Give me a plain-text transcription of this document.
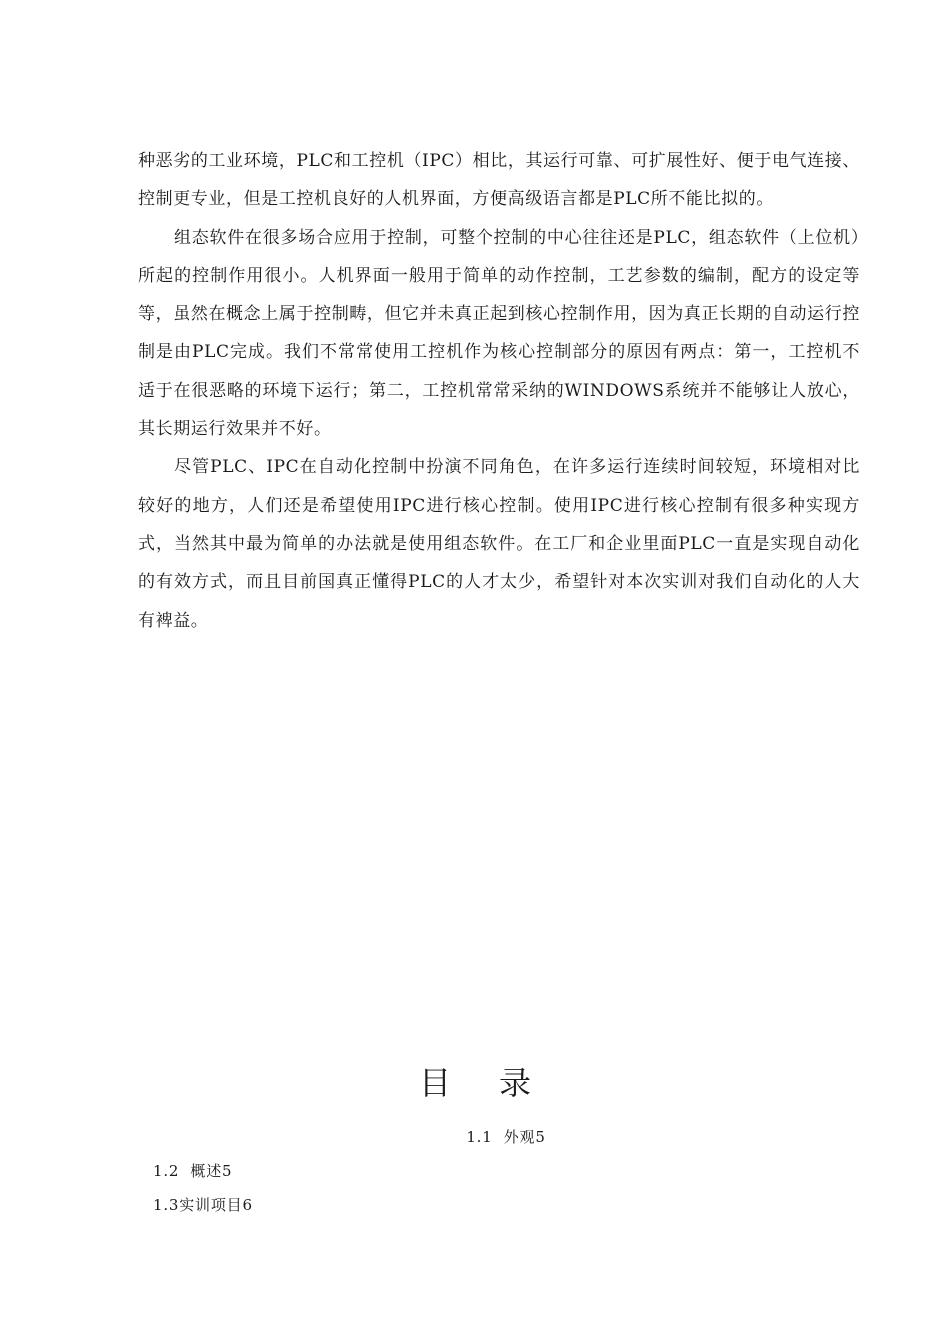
种恶劣的工业环境，PLC和工控机（IPC）相比，其运行可靠、可扩展性好、便于电气连接、控制更专业，但是工控机良好的人机界面，方便高级语言都是PLC所不能比拟的。

组态软件在很多场合应用于控制，可整个控制的中心往往还是PLC，组态软件（上位机）所起的控制作用很小。人机界面一般用于简单的动作控制，工艺参数的编制，配方的设定等等，虽然在概念上属于控制畴，但它并未真正起到核心控制作用，因为真正长期的自动运行控制是由PLC完成。我们不常常使用工控机作为核心控制部分的原因有两点：第一，工控机不适于在很恶略的环境下运行；第二，工控机常常采纳的WINDOWS系统并不能够让人放心，其长期运行效果并不好。

尽管PLC、IPC在自动化控制中扮演不同角色，在许多运行连续时间较短，环境相对比较好的地方，人们还是希望使用IPC进行核心控制。使用IPC进行核心控制有很多种实现方式，当然其中最为简单的办法就是使用组态软件。在工厂和企业里面PLC一直是实现自动化的有效方式，而且目前国真正懂得PLC的人才太少，希望针对本次实训对我们自动化的人大有裨益。

目录
1.1  外观5
1.2  概述5
1.3实训项目6
